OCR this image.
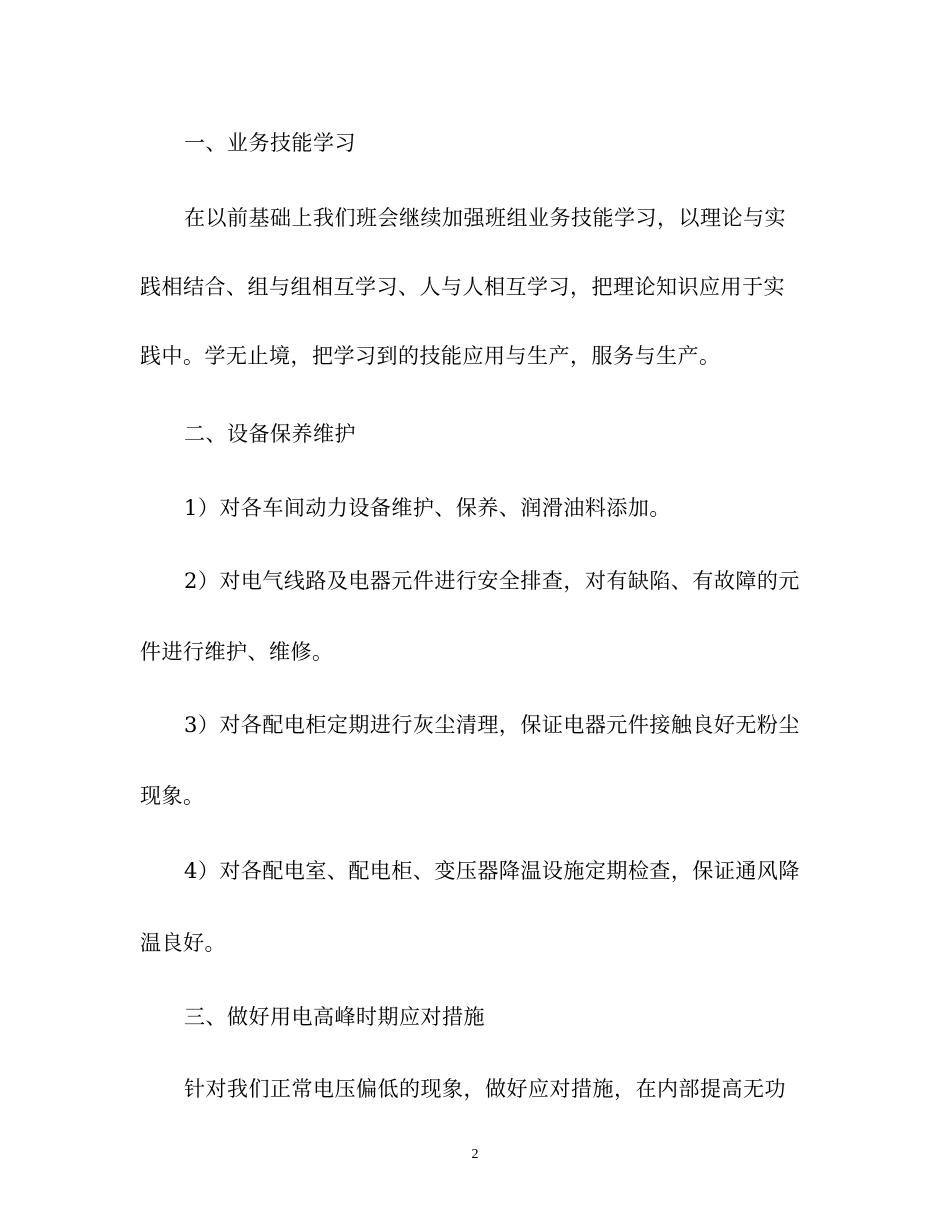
一、业务技能学习
在以前基础上我们班会继续加强班组业务技能学习，以理论与实
践相结合、组与组相互学习、人与人相互学习，把理论知识应用于实
践中。学无止境，把学习到的技能应用与生产，服务与生产。
二、设备保养维护
1）对各车间动力设备维护、保养、润滑油料添加。
2）对电气线路及电器元件进行安全排查，对有缺陷、有故障的元
件进行维护、维修。
3）对各配电柜定期进行灰尘清理，保证电器元件接触良好无粉尘
现象。
4）对各配电室、配电柜、变压器降温设施定期检查，保证通风降
温良好。
三、做好用电高峰时期应对措施
针对我们正常电压偏低的现象，做好应对措施，在内部提高无功
2
